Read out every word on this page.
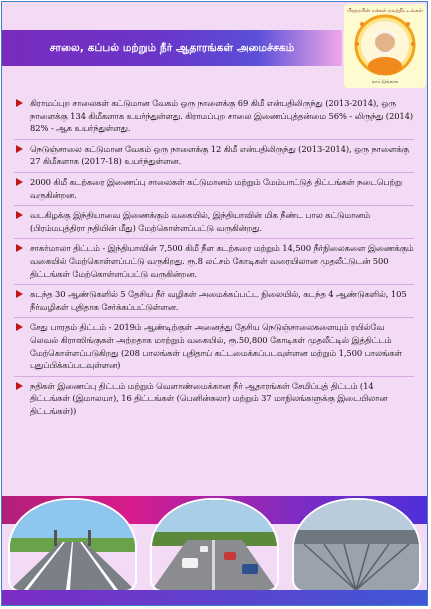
சாலை, கப்பல் மற்றும் நீர் ஆதாரங்கள் அமைச்சகம்
பிரதமரின் மக்கள் நலத்திட்டங்கள்
நாட்டுக்காக
கிராமப்புற சாலைகள் கட்டுமான வேகம் ஒரு நாளைக்கு 69 கிமீ என்பதிலிருந்து (2013-2014), ஒரு நாளைக்கு 134 கிமீகளாக உயர்ந்துள்ளது. கிராமப்புற சாலை இணைப்புத்தன்மை 56% - லிருந்து (2014) 82% - ஆக உயர்ந்துள்ளது.
நெடுஞ்சாலை கட்டுமான வேகம் ஒரு நாளைக்கு 12 கிமீ என்பதிலிருந்து (2013-2014), ஒரு நாளைக்கு 27 கிமீகளாக (2017-18) உயர்ந்துள்ளன.
2000 கிமீ கடற்கரை இணைப்பு சாலைகள் கட்டுமானம் மற்றும் மேம்பாட்டுத் திட்டங்கள் நடைபெற்று வருகின்றன.
வடகிழக்கு இந்தியாவை இணைக்கும் வகையில், இந்தியாவின் மிக நீண்ட பால கட்டுமானம் (பிரம்மபுத்திரா நதியின் மீது) மேற்கொள்ளப்பட்டு வருகின்றது.
சாகர்மாலா திட்டம் - இந்தியாவின் 7,500 கிமீ நீள கடற்கரை மற்றும் 14,500 நீர்நிலைகளை இணைக்கும் வகையில் மேற்கொள்ளப்பட்டு வருகிறது. ரூ.8 லட்சம் கோடிகள் வரையிலான முதலீட்டுடன் 500 திட்டங்கள் மேற்கொள்ளப்பட்டு வருகின்றன.
கடந்த 30 ஆண்டுகளில் 5 தேசிய நீர் வழிகள் அமைக்கப்பட்ட நிலையில், கடந்த 4 ஆண்டுகளில், 105 நீர்வழிகள் புதிதாக சேர்க்கப்பட்டுள்ளன.
சேது பாரதம் திட்டம் - 2019ம் ஆண்டிற்குள் அனைத்து தேசிய நெடுஞ்சாலைகளையும் ரயில்வே லெவல் கிராஸிங்குகள் அற்றதாக மாற்றும் வகையில், ரூ.50,800 கோடிகள் முதலீட்டில் இத்திட்டம் மேற்கொள்ளப்படுகிறது (208 பாலங்கள் புதிதாய் கட்டமைக்கப்படவுள்ளன மற்றும் 1,500 பாலங்கள் புதுப்பிக்கப்படவுள்ளன)
நதிகள் இணைப்பு திட்டம் மற்றும் வெளாண்மைக்கான நீர் ஆதாரங்கள் சேமிப்புத் திட்டம் (14 திட்டங்கள் (இமாலயா), 16 திட்டங்கள் (பெனின்சுலா) மற்றும் 37 மாநிலங்களுக்கு இடையிலான திட்டங்கள்))
